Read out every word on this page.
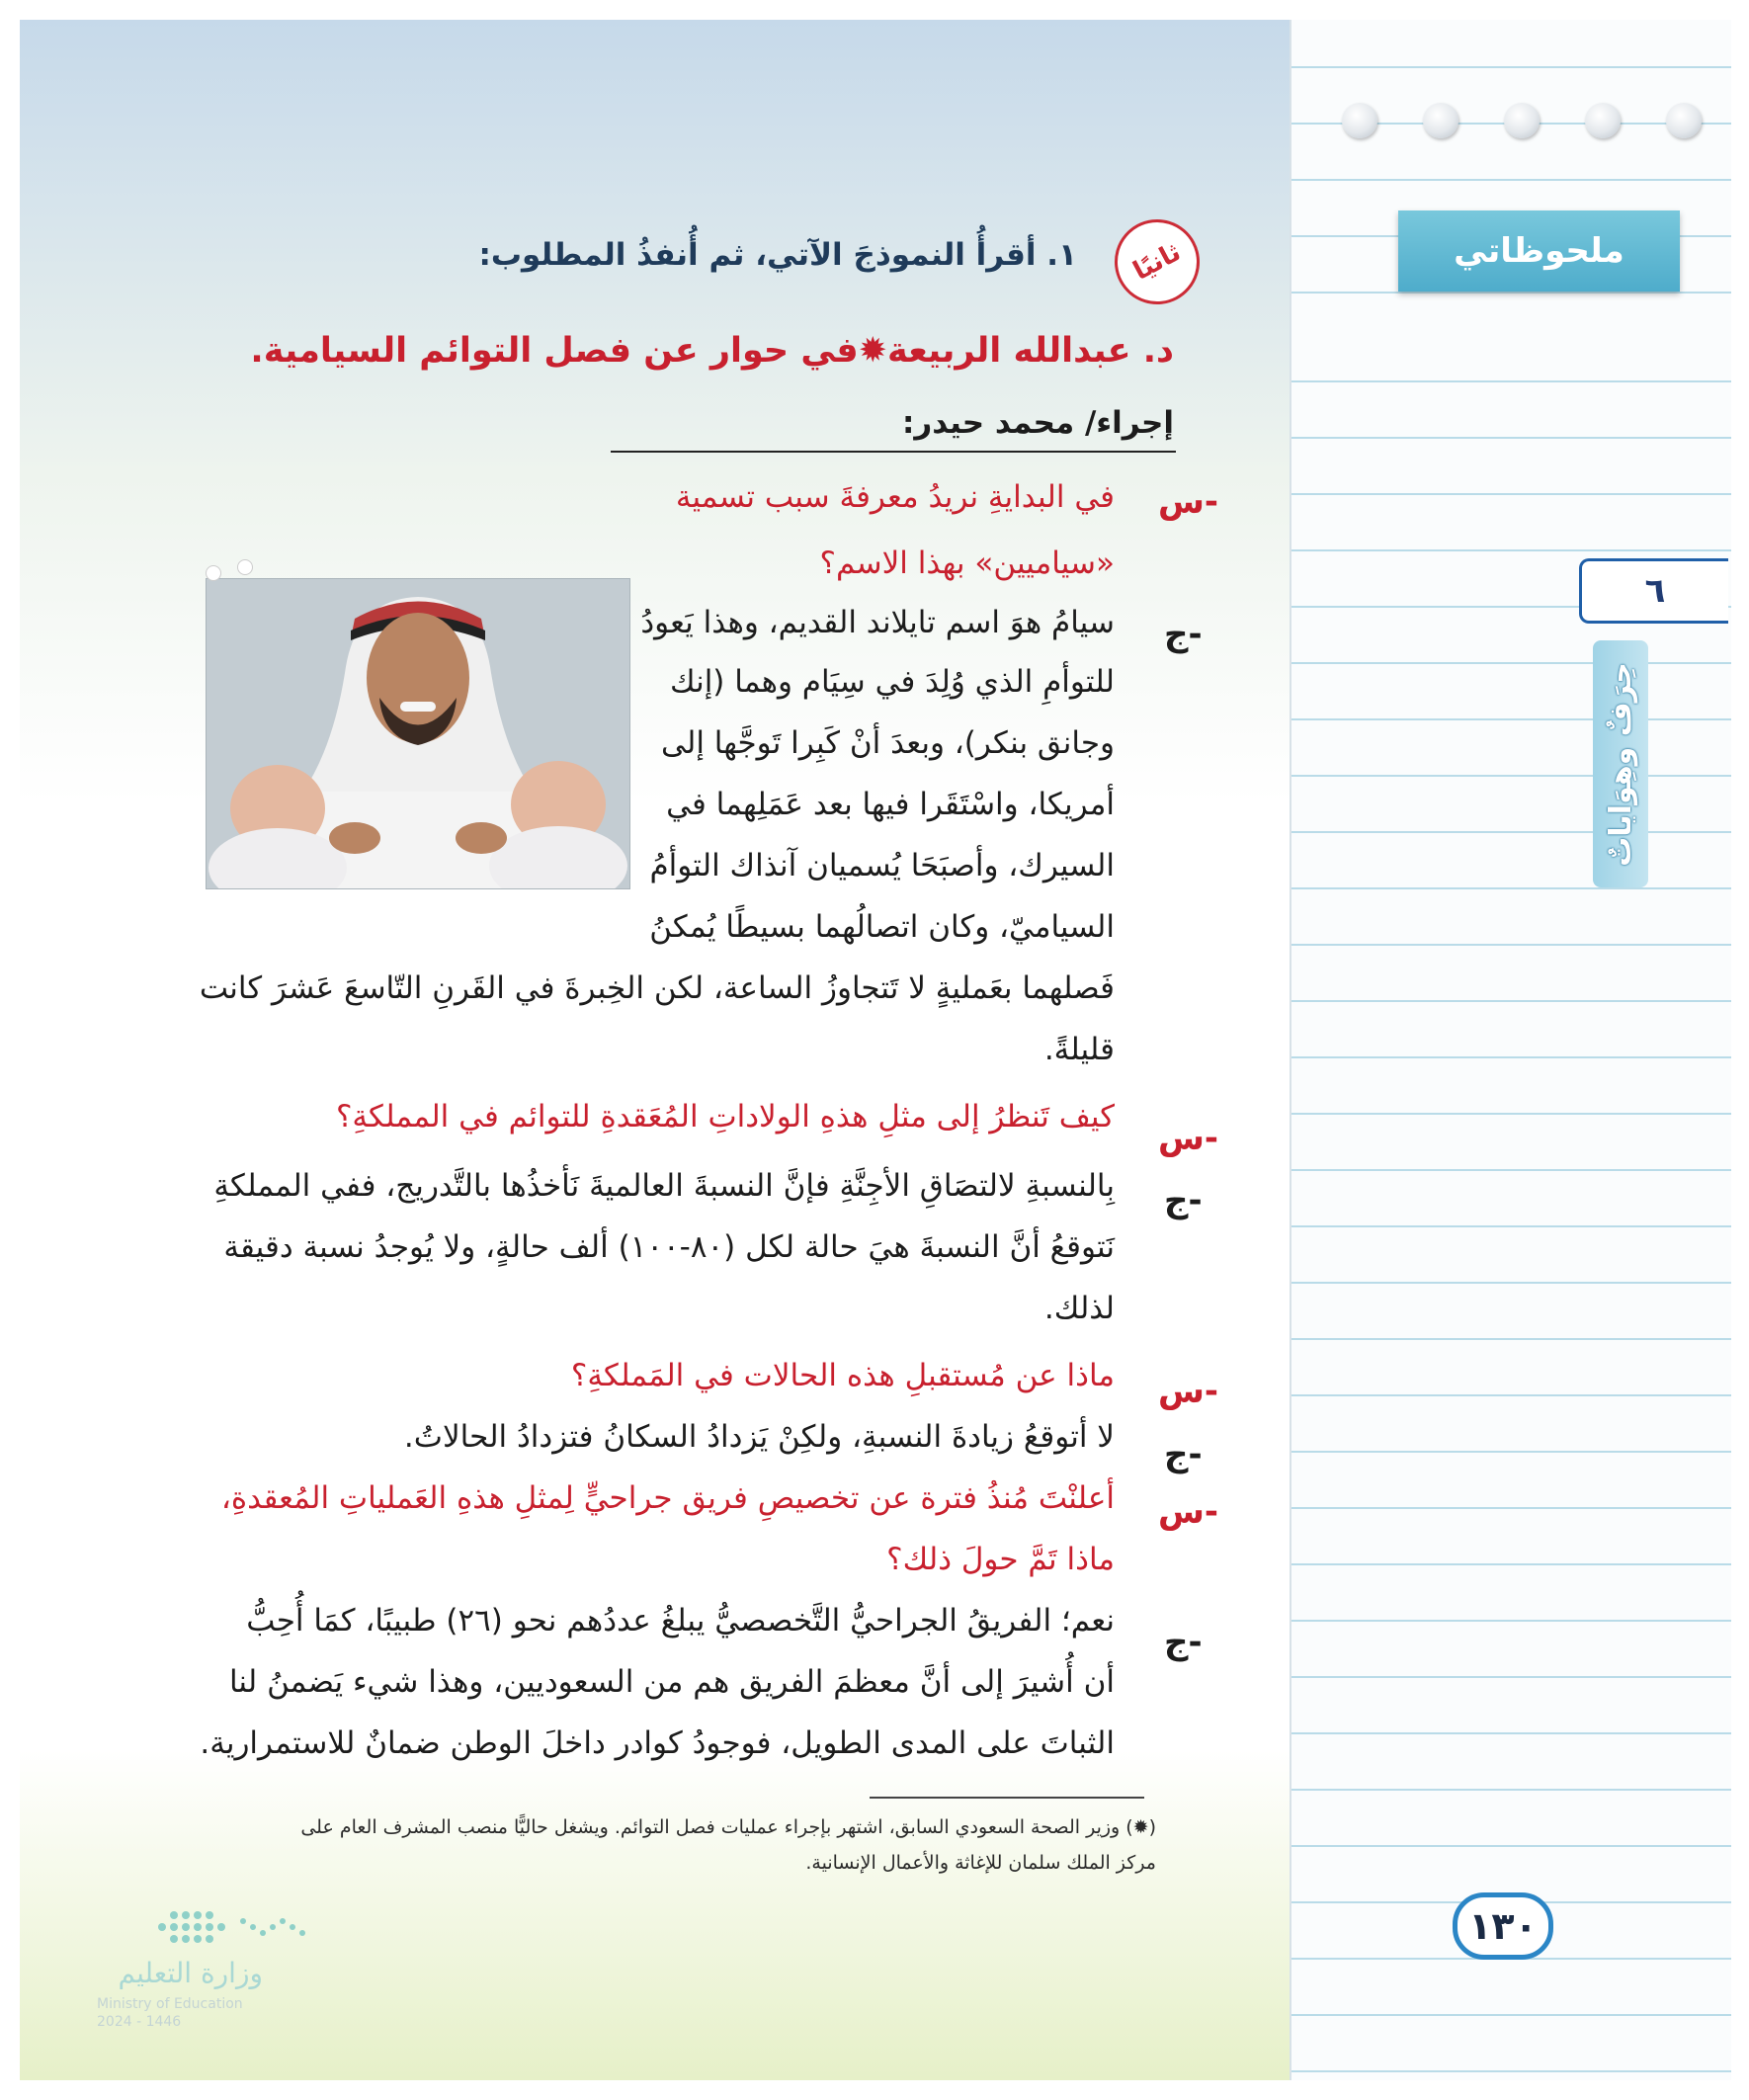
ملحوظاتي
٦
حِرَفٌ وهِوَاياتٌ
١٣٠
ثانيًا
١. أقرأُ النموذجَ الآتي، ثم أُنفذُ المطلوب:
د. عبدالله الربيعة✹في حوار عن فصل التوائم السيامية.
إجراء/ محمد حيدر:
س-
في البدايةِ نريدُ معرفةَ سبب تسمية
«سياميين» بهذا الاسم؟
ج-
سيامُ هوَ اسم تايلاند القديم، وهذا يَعودُ
للتوأمِ الذي وُلِدَ في سِيَام وهما (إنك
وجانق بنكر)، وبعدَ أنْ كَبِرا تَوجَّها إلى
أمريكا، واسْتَقَرا فيها بعد عَمَلِهما في
السيرك، وأصبَحَا يُسميان آنذاك التوأمُ
السياميّ، وكان اتصالُهما بسيطًا يُمكنُ
فَصلهما بعَمليةٍ لا تَتجاوزُ الساعة، لكن الخِبرةَ في القَرنِ التّاسعَ عَشرَ كانت
قليلةً.
س-
كيف تَنظرُ إلى مثلِ هذهِ الولاداتِ المُعَقدةِ للتوائم في المملكةِ؟
ج-
بِالنسبةِ لالتصَاقِ الأجِنَّةِ فإنَّ النسبةَ العالميةَ نَأخذُها بالتَّدريج، ففي المملكةِ
نَتوقعُ أنَّ النسبةَ هيَ حالة لكل (٨٠-١٠٠) ألف حالةٍ، ولا يُوجدُ نسبة دقيقة
لذلك.
س-
ماذا عن مُستقبلِ هذه الحالات في المَملكةِ؟
ج-
لا أتوقعُ زيادةَ النسبةِ، ولكِنْ يَزدادُ السكانُ فتزدادُ الحالاتُ.
س-
أعلنْتَ مُنذُ فترة عن تخصيصِ فريق جراحيٍّ لِمثلِ هذهِ العَملياتِ المُعقدةِ،
ماذا تَمَّ حولَ ذلك؟
ج-
نعم؛ الفريقُ الجراحيُّ التَّخصصيُّ يبلغُ عددُهم نحو (٢٦) طبيبًا، كمَا أُحِبُّ
أن أُشيرَ إلى أنَّ معظمَ الفريق هم من السعوديين، وهذا شيء يَضمنُ لنا
الثباتَ على المدى الطويل، فوجودُ كوادر داخلَ الوطن ضمانٌ للاستمرارية.
(✹) وزير الصحة السعودي السابق، اشتهر بإجراء عمليات فصل التوائم. ويشغل حاليًّا منصب المشرف العام على
مركز الملك سلمان للإغاثة والأعمال الإنسانية.
وزارة التعليم
Ministry of Education
2024 - 1446
